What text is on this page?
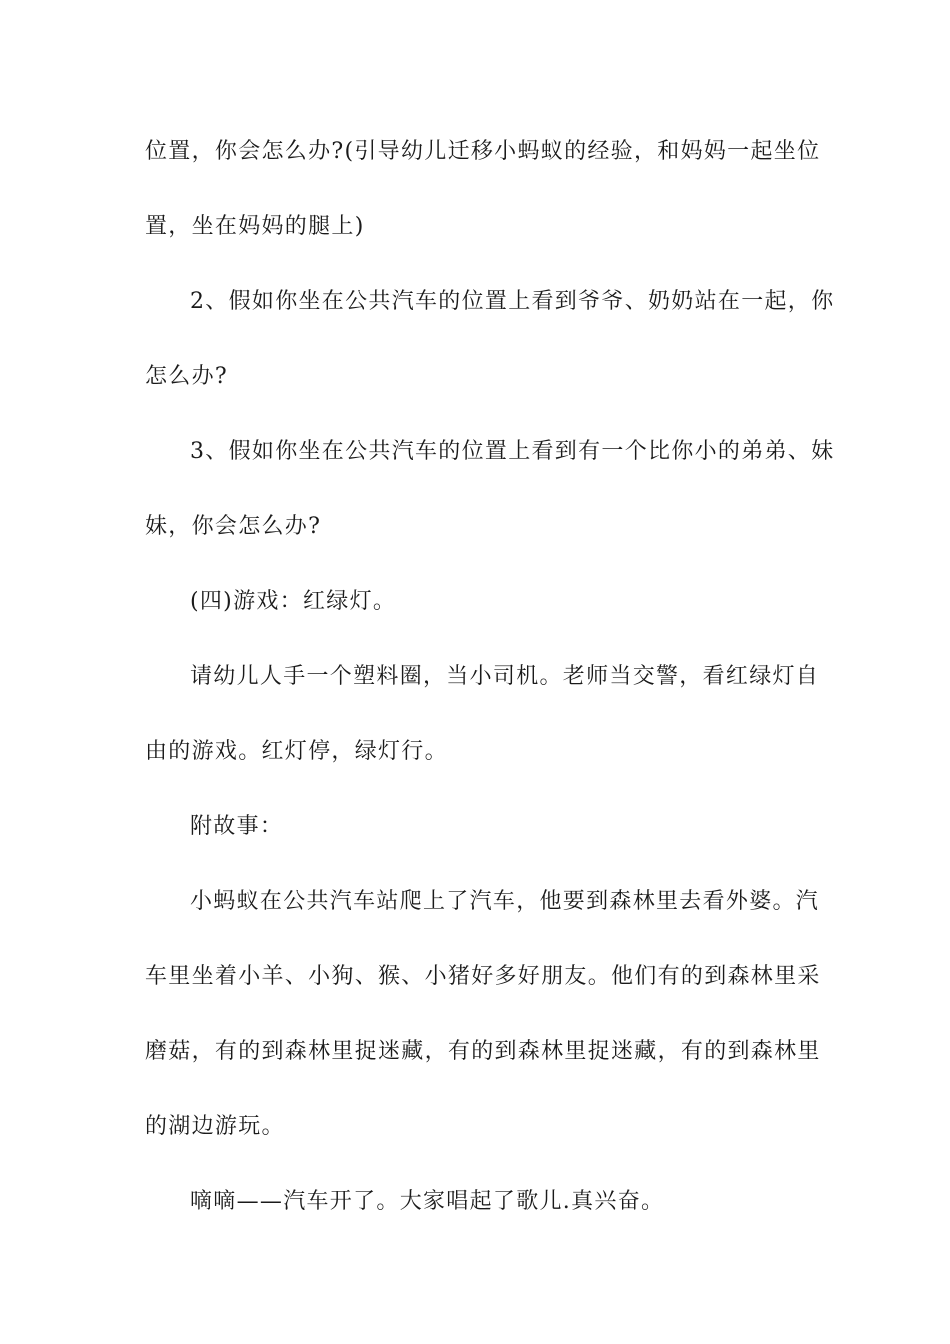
位置，你会怎么办?(引导幼儿迁移小蚂蚁的经验，和妈妈一起坐位
置，坐在妈妈的腿上)
2、假如你坐在公共汽车的位置上看到爷爷、奶奶站在一起，你
怎么办?
3、假如你坐在公共汽车的位置上看到有一个比你小的弟弟、妹
妹，你会怎么办?
(四)游戏：红绿灯。
请幼儿人手一个塑料圈，当小司机。老师当交警，看红绿灯自
由的游戏。红灯停，绿灯行。
附故事：
小蚂蚁在公共汽车站爬上了汽车，他要到森林里去看外婆。汽
车里坐着小羊、小狗、猴、小猪好多好朋友。他们有的到森林里采
磨菇，有的到森林里捉迷藏，有的到森林里捉迷藏，有的到森林里
的湖边游玩。
嘀嘀——汽车开了。大家唱起了歌儿.真兴奋。
